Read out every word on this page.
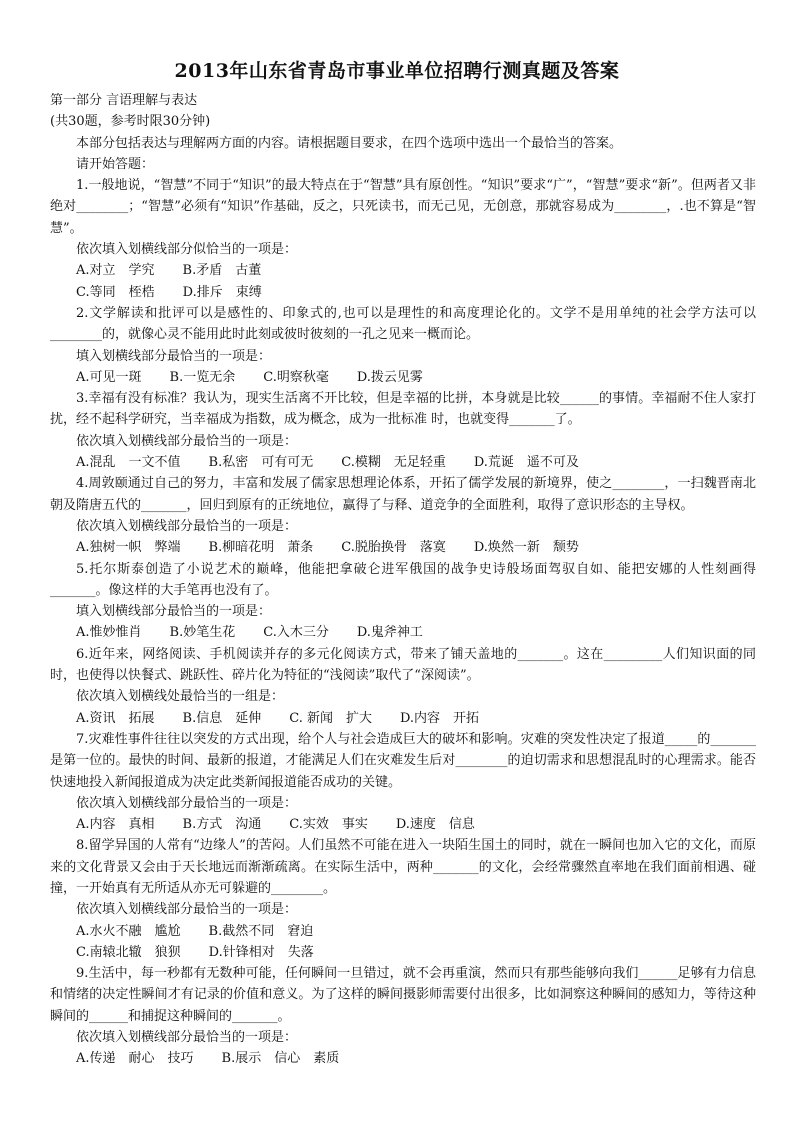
2013年山东省青岛市事业单位招聘行测真题及答案
第一部分 言语理解与表达
(共30题，参考时限30分钟)
本部分包括表达与理解两方面的内容。请根据题目要求，在四个选项中选出一个最恰当的答案。
请开始答题：
1.一般地说，“智慧”不同于“知识”的最大特点在于“智慧”具有原创性。“知识”要求“广”，“智慧”要求“新”。但两者又非绝对________；“智慧”必须有“知识”作基础，反之，只死读书，而无己见，无创意，那就容易成为________，.也不算是“智慧”。
依次填入划横线部分似恰当的一项是：
A.对立　学究 B.矛盾　古董
C.等同　桎梏 D.排斥　束缚
2.文学解读和批评可以是感性的、印象式的,也可以是理性的和高度理论化的。文学不是用单纯的社会学方法可以________的，就像心灵不能用此时此刻或彼时彼刻的一孔之见来一概而论。
填入划横线部分最恰当的一项是：
A.可见一斑 B.一览无余 C.明察秋毫 D.拨云见雾
3.幸福有没有标准？我认为，现实生活离不开比较，但是幸福的比拼，本身就是比较______的事情。幸福耐不住人家打扰，经不起科学研究，当幸福成为指数，成为概念，成为一批标准 时，也就变得_______了。
依次填入划横线部分最恰当的一项是：
A.混乱　一文不值 B.私密　可有可无 C.模糊　无足轻重 D.荒诞　遥不可及
4.周敦颐通过自己的努力，丰富和发展了儒家思想理论体系，开拓了儒学发展的新境界，使之________，一扫魏晋南北朝及隋唐五代的_______，回归到原有的正统地位，赢得了与释、道竞争的全面胜利，取得了意识形态的主导权。
依次填入划横线部分最恰当的一项是：
A.独树一帜　弊端 B.柳暗花明　萧条 C.脱胎换骨　落寞 D.焕然一新　颓势
5.托尔斯泰创造了小说艺术的巅峰，他能把拿破仑进军俄国的战争史诗般场面驾驭自如、能把安娜的人性刻画得_______。像这样的大手笔再也没有了。
填入划横线部分最恰当的一项是：
A.惟妙惟肖 B.妙笔生花 C.入木三分 D.鬼斧神工
6.近年来，网络阅读、手机阅读并存的多元化阅读方式，带来了铺天盖地的_______。这在_________人们知识面的同时，也使得以快餐式、跳跃性、碎片化为特征的“浅阅读”取代了“深阅读”。
依次填入划横线处最恰当的一组是：
A.资讯　拓展 B.信息　延伸 C. 新闻　扩大 D.内容　开拓
7.灾难性事件往往以突发的方式出现，给个人与社会造成巨大的破坏和影响。灾难的突发性决定了报道_____的_______是第一位的。最快的时间、最新的报道，才能满足人们在灾难发生后对________的迫切需求和思想混乱时的心理需求。能否快速地投入新闻报道成为决定此类新闻报道能否成功的关键。
依次填入划横线部分最恰当的一项是：
A.内容　真相 B.方式　沟通 C.实效　事实 D.速度　信息
8.留学异国的人常有“边缘人”的苦闷。人们虽然不可能在进入一块陌生国土的同时，就在一瞬间也加入它的文化，而原来的文化背景又会由于天长地远而渐渐疏离。在实际生活中，两种_______的文化，会经常骤然直率地在我们面前相遇、碰撞，一开始真有无所适从亦无可躲避的________。
依次填入划横线部分最恰当的一项是：
A.水火不融　尴尬 B.截然不同　窘迫
C.南辕北辙　狼狈 D.针锋相对　失落
9.生活中，每一秒都有无数种可能，任何瞬间一旦错过，就不会再重演，然而只有那些能够向我们______足够有力信息和情绪的决定性瞬间才有记录的价值和意义。为了这样的瞬间摄影师需要付出很多，比如洞察这种瞬间的感知力，等待这种瞬间的______和捕捉这种瞬间的_______。
依次填入划横线部分最恰当的一项是：
A.传递　耐心　技巧 B.展示　信心　素质
